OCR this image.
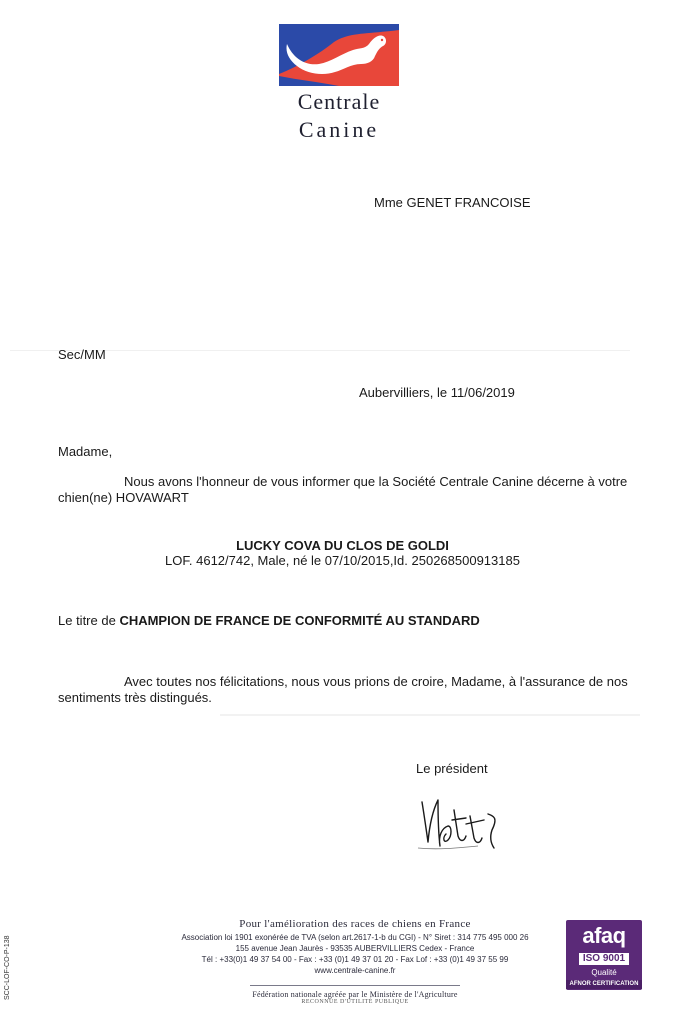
Centrale
Canine
Mme GENET FRANCOISE
Sec/MM
Aubervilliers, le 11/06/2019
Madame,
Nous avons l'honneur de vous informer que la Société Centrale Canine décerne à votre chien(ne) HOVAWART
LUCKY COVA DU CLOS DE GOLDI
LOF. 4612/742, Male, né le 07/10/2015,Id. 250268500913185
Le titre de CHAMPION DE FRANCE DE CONFORMITÉ AU STANDARD
Avec toutes nos félicitations, nous vous prions de croire, Madame, à l'assurance de nos sentiments très distingués.
Le président
Pour l'amélioration des races de chiens en France
Association loi 1901 exonérée de TVA (selon art.2617-1-b du CGI) - N° Siret : 314 775 495 000 26
155 avenue Jean Jaurès - 93535 AUBERVILLIERS Cedex - France
Tél : +33(0)1 49 37 54 00 - Fax : +33 (0)1 49 37 01 20 - Fax Lof : +33 (0)1 49 37 55 99
www.centrale-canine.fr
Fédération nationale agréée par le Ministère de l'Agriculture
RECONNUE D'UTILITÉ PUBLIQUE
SCC-LOF-CO-P-138	afaq
ISO 9001
Qualité
AFNOR CERTIFICATION
